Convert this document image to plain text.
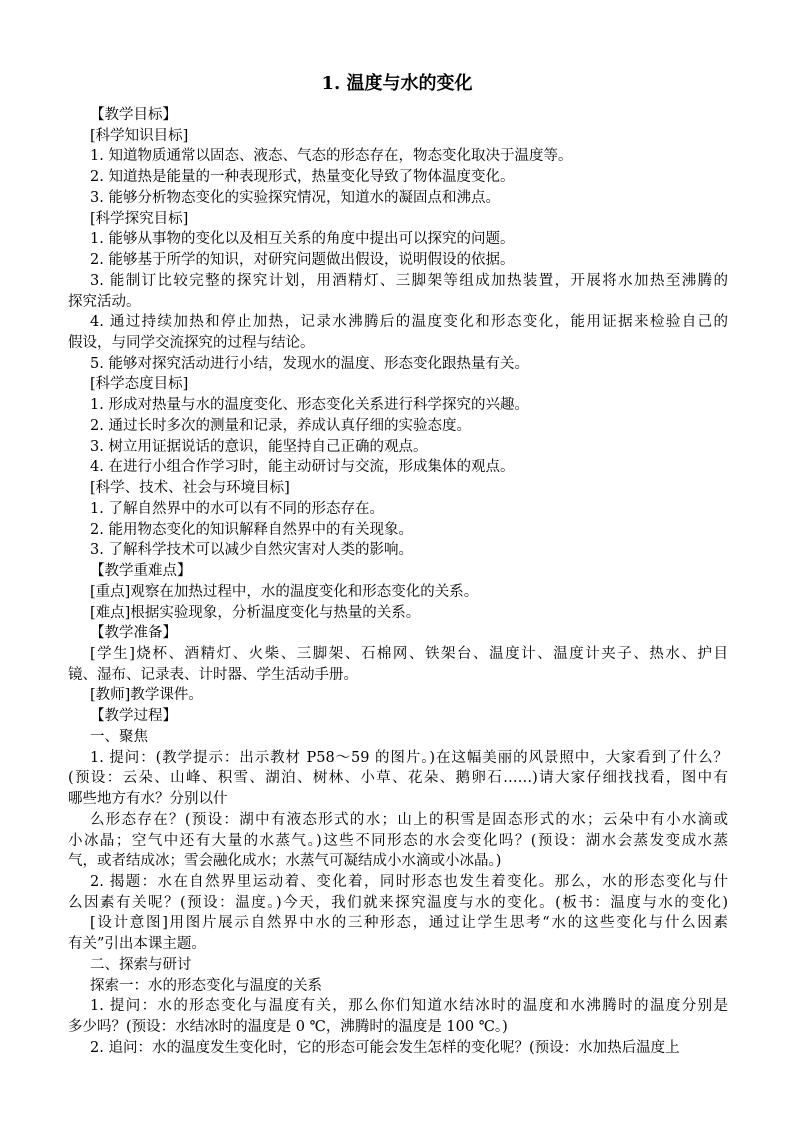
1. 温度与水的变化
【教学目标】
[科学知识目标]
1. 知道物质通常以固态、液态、气态的形态存在，物态变化取决于温度等。
2. 知道热是能量的一种表现形式，热量变化导致了物体温度变化。
3. 能够分析物态变化的实验探究情况，知道水的凝固点和沸点。
[科学探究目标]
1. 能够从事物的变化以及相互关系的角度中提出可以探究的问题。
2. 能够基于所学的知识，对研究问题做出假设，说明假设的依据。
3. 能制订比较完整的探究计划，用酒精灯、三脚架等组成加热装置，开展将水加热至沸腾的
探究活动。
4. 通过持续加热和停止加热，记录水沸腾后的温度变化和形态变化，能用证据来检验自己的
假设，与同学交流探究的过程与结论。
5. 能够对探究活动进行小结，发现水的温度、形态变化跟热量有关。
[科学态度目标]
1. 形成对热量与水的温度变化、形态变化关系进行科学探究的兴趣。
2. 通过长时多次的测量和记录，养成认真仔细的实验态度。
3. 树立用证据说话的意识，能坚持自己正确的观点。
4. 在进行小组合作学习时，能主动研讨与交流，形成集体的观点。
[科学、技术、社会与环境目标]
1. 了解自然界中的水可以有不同的形态存在。
2. 能用物态变化的知识解释自然界中的有关现象。
3. 了解科学技术可以减少自然灾害对人类的影响。
【教学重难点】
[重点]观察在加热过程中，水的温度变化和形态变化的关系。
[难点]根据实验现象，分析温度变化与热量的关系。
【教学准备】
[学生]烧杯、酒精灯、火柴、三脚架、石棉网、铁架台、温度计、温度计夹子、热水、护目
镜、湿布、记录表、计时器、学生活动手册。
[教师]教学课件。
【教学过程】
一、聚焦
1. 提问：(教学提示：出示教材 P58～59 的图片。)在这幅美丽的风景照中，大家看到了什么？
(预设：云朵、山峰、积雪、湖泊、树林、小草、花朵、鹅卵石……)请大家仔细找找看，图中有
哪些地方有水？分别以什
么形态存在？(预设：湖中有液态形式的水；山上的积雪是固态形式的水；云朵中有小水滴或
小冰晶；空气中还有大量的水蒸气。)这些不同形态的水会变化吗？(预设：湖水会蒸发变成水蒸
气，或者结成冰；雪会融化成水；水蒸气可凝结成小水滴或小冰晶。)
2. 揭题：水在自然界里运动着、变化着，同时形态也发生着变化。那么，水的形态变化与什
么因素有关呢？(预设：温度。)今天，我们就来探究温度与水的变化。(板书：温度与水的变化)
[设计意图]用图片展示自然界中水的三种形态，通过让学生思考“水的这些变化与什么因素
有关”引出本课主题。
二、探索与研讨
探索一：水的形态变化与温度的关系
1. 提问：水的形态变化与温度有关，那么你们知道水结冰时的温度和水沸腾时的温度分别是
多少吗？(预设：水结冰时的温度是 0 ℃，沸腾时的温度是 100 ℃。)
2. 追问：水的温度发生变化时，它的形态可能会发生怎样的变化呢？(预设：水加热后温度上
